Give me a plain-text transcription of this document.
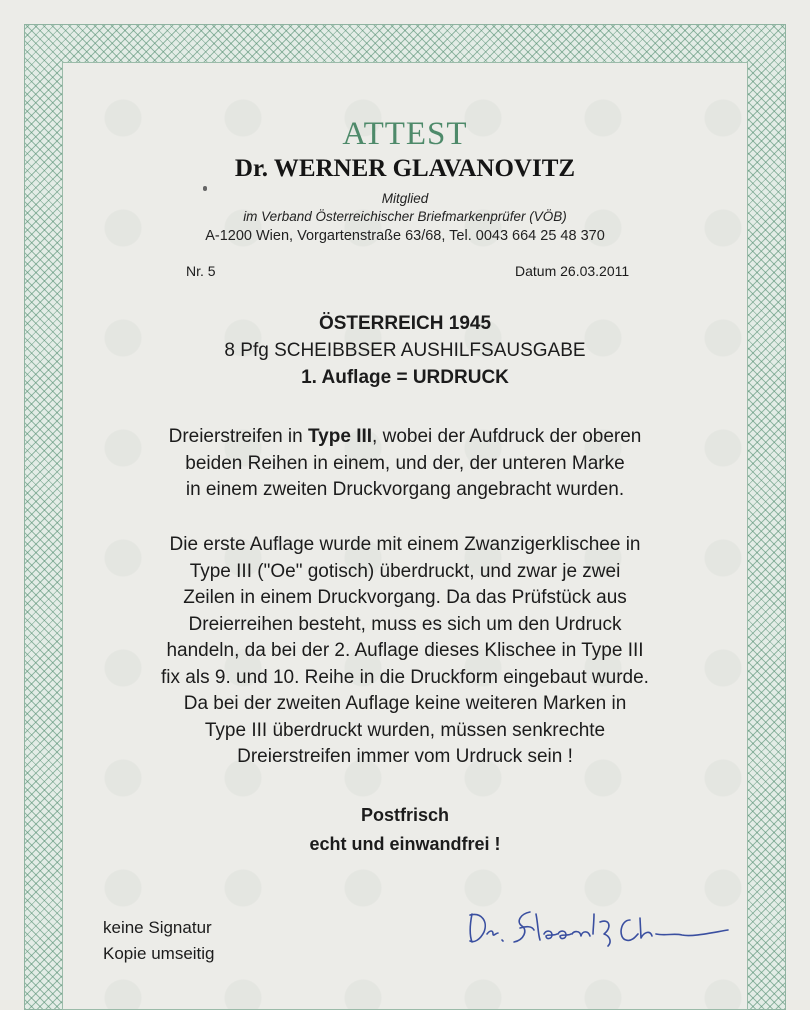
ATTEST
Dr. WERNER GLAVANOVITZ
Mitglied
im Verband Österreichischer Briefmarkenprüfer (VÖB)
A-1200 Wien, Vorgartenstraße 63/68, Tel. 0043 664 25 48 370
Nr. 5	Datum 26.03.2011
ÖSTERREICH 1945
8 Pfg SCHEIBBSER AUSHILFSAUSGABE
1. Auflage = URDRUCK
Dreierstreifen in Type III, wobei der Aufdruck der oberen
beiden Reihen in einem, und der, der unteren Marke
in einem zweiten Druckvorgang angebracht wurden.
Die erste Auflage wurde mit einem Zwanzigerklischee in
Type III ("Oe" gotisch) überdruckt, und zwar je zwei
Zeilen in einem Druckvorgang. Da das Prüfstück aus
Dreierreihen besteht, muss es sich um den Urdruck
handeln, da bei der 2. Auflage dieses Klischee in Type III
fix als 9. und 10. Reihe in die Druckform eingebaut wurde.
Da bei der zweiten Auflage keine weiteren Marken in
Type III überdruckt wurden, müssen senkrechte
Dreierstreifen immer vom Urdruck sein !
Postfrisch
echt und einwandfrei !
keine Signatur
Kopie umseitig
